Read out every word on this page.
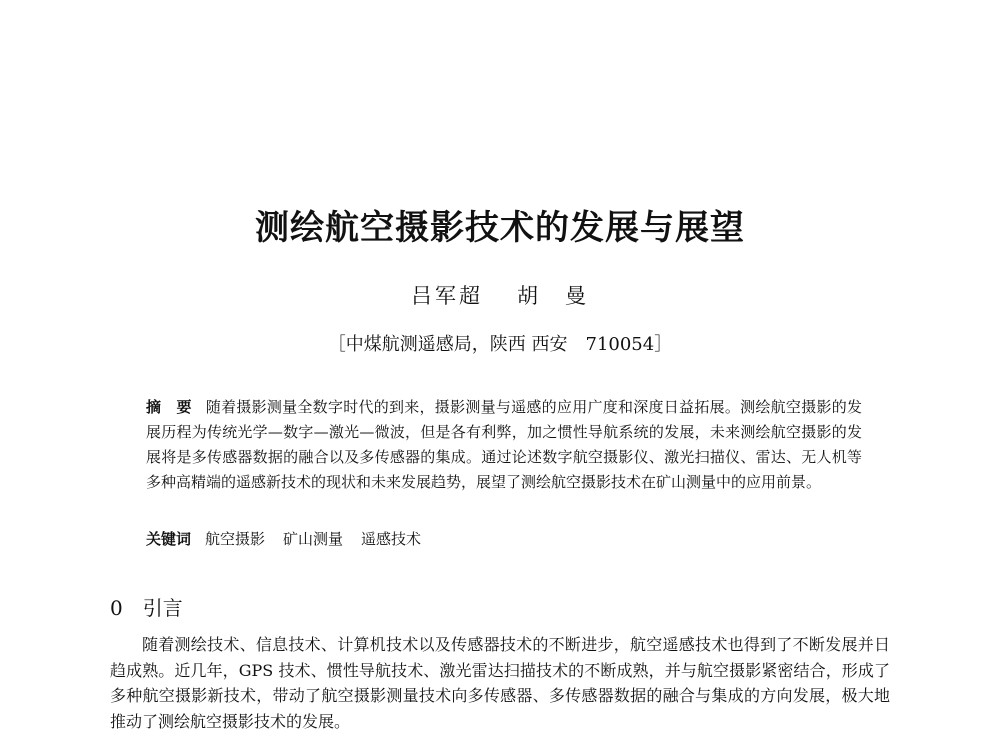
测绘航空摄影技术的发展与展望
吕军超 胡　曼
［中煤航测遥感局，陕西 西安　710054］
摘　要 随着摄影测量全数字时代的到来，摄影测量与遥感的应用广度和深度日益拓展。测绘航空摄影的发展历程为传统光学—数字—激光—微波，但是各有利弊，加之惯性导航系统的发展，未来测绘航空摄影的发展将是多传感器数据的融合以及多传感器的集成。通过论述数字航空摄影仪、激光扫描仪、雷达、无人机等多种高精端的遥感新技术的现状和未来发展趋势，展望了测绘航空摄影技术在矿山测量中的应用前景。
关键词 航空摄影 矿山测量 遥感技术
0 引言
随着测绘技术、信息技术、计算机技术以及传感器技术的不断进步，航空遥感技术也得到了不断发展并日趋成熟。近几年，GPS 技术、惯性导航技术、激光雷达扫描技术的不断成熟，并与航空摄影紧密结合，形成了多种航空摄影新技术，带动了航空摄影测量技术向多传感器、多传感器数据的融合与集成的方向发展，极大地推动了测绘航空摄影技术的发展。
